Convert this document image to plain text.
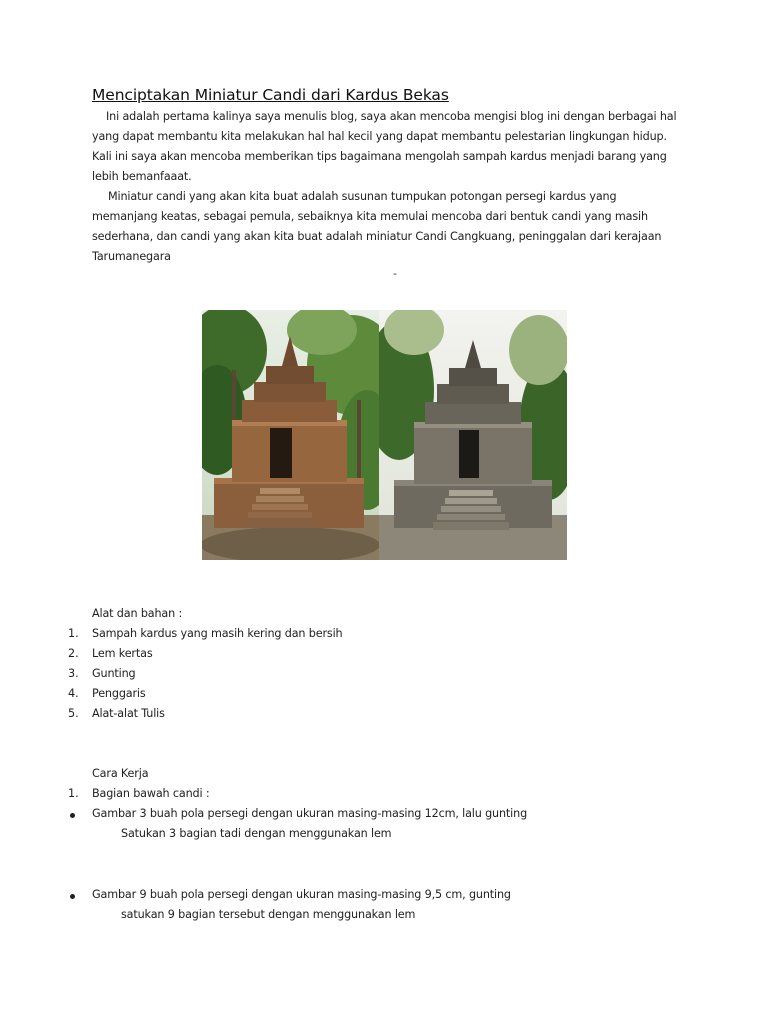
Menciptakan Miniatur Candi dari Kardus Bekas
Ini adalah pertama kalinya saya menulis blog, saya akan mencoba mengisi blog ini dengan berbagai hal yang dapat membantu kita melakukan hal hal kecil yang dapat membantu pelestarian lingkungan hidup. Kali ini saya akan mencoba memberikan tips bagaimana mengolah sampah kardus menjadi barang yang lebih bemanfaaat.
Miniatur candi yang akan kita buat adalah susunan tumpukan potongan persegi kardus yang memanjang keatas, sebagai pemula, sebaiknya kita memulai mencoba dari bentuk candi yang masih sederhana, dan candi yang akan kita buat adalah miniatur Candi Cangkuang, peninggalan dari kerajaan Tarumanegara
-
Alat dan bahan :
1.	Sampah kardus yang masih kering dan bersih
2.	Lem kertas
3.	Gunting
4.	Penggaris
5.	Alat-alat Tulis
Cara Kerja
1.	Bagian bawah candi :
Gambar 3 buah pola persegi dengan ukuran masing-masing 12cm, lalu gunting
Satukan 3 bagian tadi dengan menggunakan lem
Gambar 9 buah pola persegi dengan ukuran masing-masing 9,5 cm, gunting
satukan 9 bagian tersebut dengan menggunakan lem
